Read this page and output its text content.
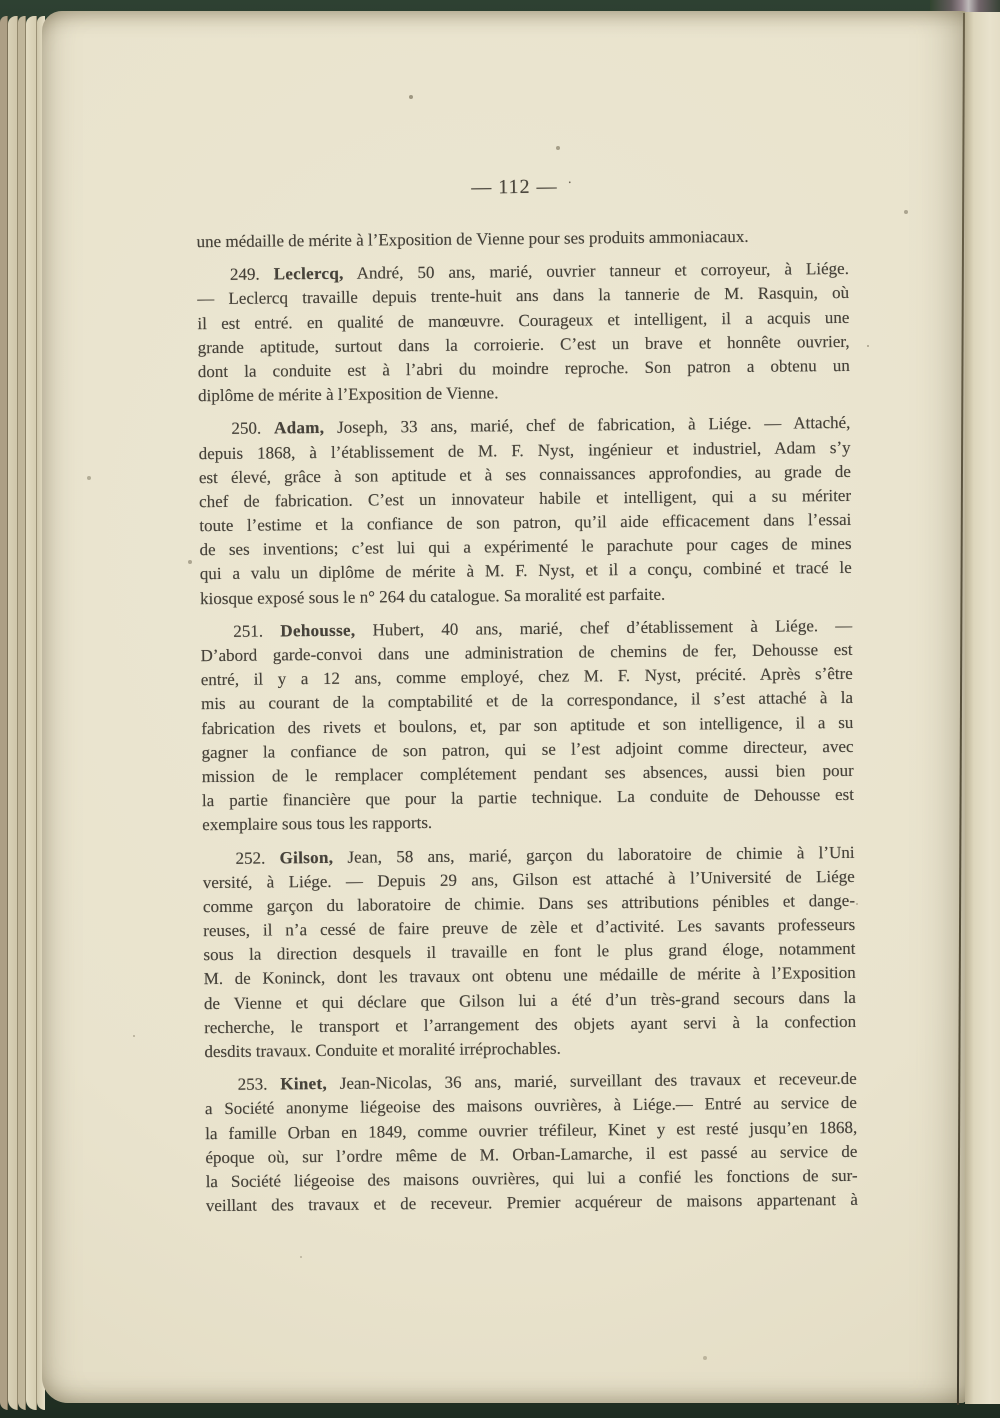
— 112 — ·
une médaille de mérite à l’Exposition de Vienne pour ses produits ammoniacaux.
249. Leclercq, André, 50 ans, marié, ouvrier tanneur et corroyeur, à Liége.
— Leclercq travaille depuis trente-huit ans dans la tannerie de M. Rasquin, où
il est entré. en qualité de manœuvre. Courageux et intelligent, il a acquis une
grande aptitude, surtout dans la corroierie. C’est un brave et honnête ouvrier,
dont la conduite est à l’abri du moindre reproche. Son patron a obtenu un
diplôme de mérite à l’Exposition de Vienne.
250. Adam, Joseph, 33 ans, marié, chef de fabrication, à Liége. — Attaché,
depuis 1868, à l’établissement de M. F. Nyst, ingénieur et industriel, Adam s’y
est élevé, grâce à son aptitude et à ses connaissances approfondies, au grade de
chef de fabrication. C’est un innovateur habile et intelligent, qui a su mériter
toute l’estime et la confiance de son patron, qu’il aide efficacement dans l’essai
de ses inventions; c’est lui qui a expérimenté le parachute pour cages de mines
qui a valu un diplôme de mérite à M. F. Nyst, et il a conçu, combiné et tracé le
kiosque exposé sous le n° 264 du catalogue. Sa moralité est parfaite.
251. Dehousse, Hubert, 40 ans, marié, chef d’établissement à Liége. —
D’abord garde-convoi dans une administration de chemins de fer, Dehousse est
entré, il y a 12 ans, comme employé, chez M. F. Nyst, précité. Après s’être
mis au courant de la comptabilité et de la correspondance, il s’est attaché à la
fabrication des rivets et boulons, et, par son aptitude et son intelligence, il a su
gagner la confiance de son patron, qui se l’est adjoint comme directeur, avec
mission de le remplacer complétement pendant ses absences, aussi bien pour
la partie financière que pour la partie technique. La conduite de Dehousse est
exemplaire sous tous les rapports.
252. Gilson, Jean, 58 ans, marié, garçon du laboratoire de chimie à l’Uni
versité, à Liége. — Depuis 29 ans, Gilson est attaché à l’Université de Liége
comme garçon du laboratoire de chimie. Dans ses attributions pénibles et dange-
reuses, il n’a cessé de faire preuve de zèle et d’activité. Les savants professeurs
sous la direction desquels il travaille en font le plus grand éloge, notamment
M. de Koninck, dont les travaux ont obtenu une médaille de mérite à l’Exposition
de Vienne et qui déclare que Gilson lui a été d’un très-grand secours dans la
recherche, le transport et l’arrangement des objets ayant servi à la confection
desdits travaux. Conduite et moralité irréprochables.
253. Kinet, Jean-Nicolas, 36 ans, marié, surveillant des travaux et receveur.de
a Société anonyme liégeoise des maisons ouvrières, à Liége.— Entré au service de
la famille Orban en 1849, comme ouvrier tréfileur, Kinet y est resté jusqu’en 1868,
époque où, sur l’ordre même de M. Orban-Lamarche, il est passé au service de
la Société liégeoise des maisons ouvrières, qui lui a confié les fonctions de sur-
veillant des travaux et de receveur. Premier acquéreur de maisons appartenant à
